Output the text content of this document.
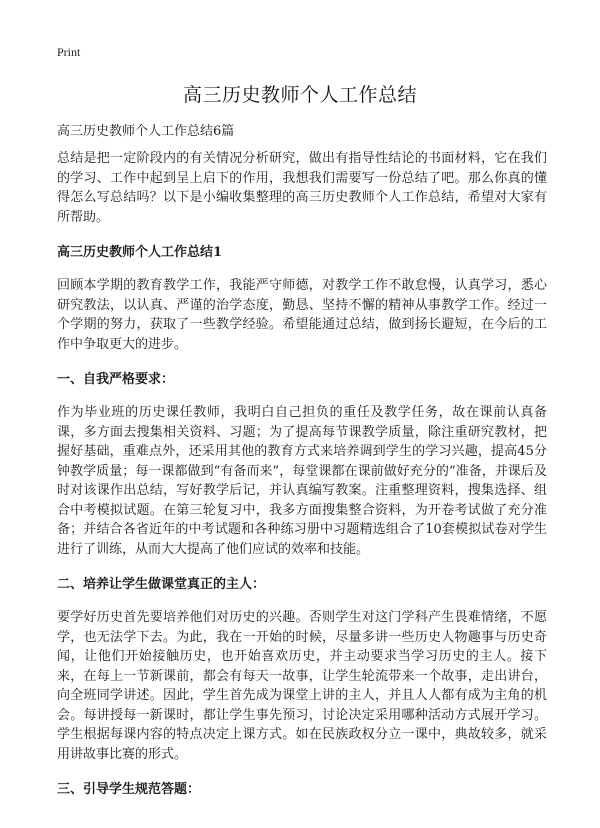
Print

高三历史教师个人工作总结

高三历史教师个人工作总结6篇

总结是把一定阶段内的有关情况分析研究，做出有指导性结论的书面材料，它在我们的学习、工作中起到呈上启下的作用，我想我们需要写一份总结了吧。那么你真的懂得怎么写总结吗？以下是小编收集整理的高三历史教师个人工作总结，希望对大家有所帮助。

高三历史教师个人工作总结1

回顾本学期的教育教学工作，我能严守师德，对教学工作不敢怠慢，认真学习，悉心研究教法，以认真、严谨的治学态度，勤恳、坚持不懈的精神从事教学工作。经过一个学期的努力，获取了一些教学经验。希望能通过总结，做到扬长避短，在今后的工作中争取更大的进步。

一、自我严格要求：

作为毕业班的历史课任教师，我明白自己担负的重任及教学任务，故在课前认真备课，多方面去搜集相关资料、习题；为了提高每节课教学质量，除注重研究教材，把握好基础，重难点外，还采用其他的教育方式来培养调到学生的学习兴趣，提高45分钟教学质量；每一课都做到“有备而来”，每堂课都在课前做好充分的“准备，并课后及时对该课作出总结，写好教学后记，并认真编写教案。注重整理资料，搜集选择、组合中考模拟试题。在第三轮复习中，我多方面搜集整合资料，为开卷考试做了充分准备；并结合各省近年的中考试题和各种练习册中习题精选组合了10套模拟试卷对学生进行了训练，从而大大提高了他们应试的效率和技能。

二、培养让学生做课堂真正的主人：

要学好历史首先要培养他们对历史的兴趣。否则学生对这门学科产生畏难情绪，不愿学，也无法学下去。为此，我在一开始的时候，尽量多讲一些历史人物趣事与历史奇闻，让他们开始接触历史，也开始喜欢历史，并主动要求当学习历史的主人。接下来，在每上一节新课前，都会有每天一故事，让学生轮流带来一个故事，走出讲台，向全班同学讲述。因此，学生首先成为课堂上讲的主人，并且人人都有成为主角的机会。每讲授每一新课时，都让学生事先预习，讨论决定采用哪种活动方式展开学习。学生根据每课内容的特点决定上课方式。如在民族政权分立一课中，典故较多，就采用讲故事比赛的形式。

三、引导学生规范答题：
